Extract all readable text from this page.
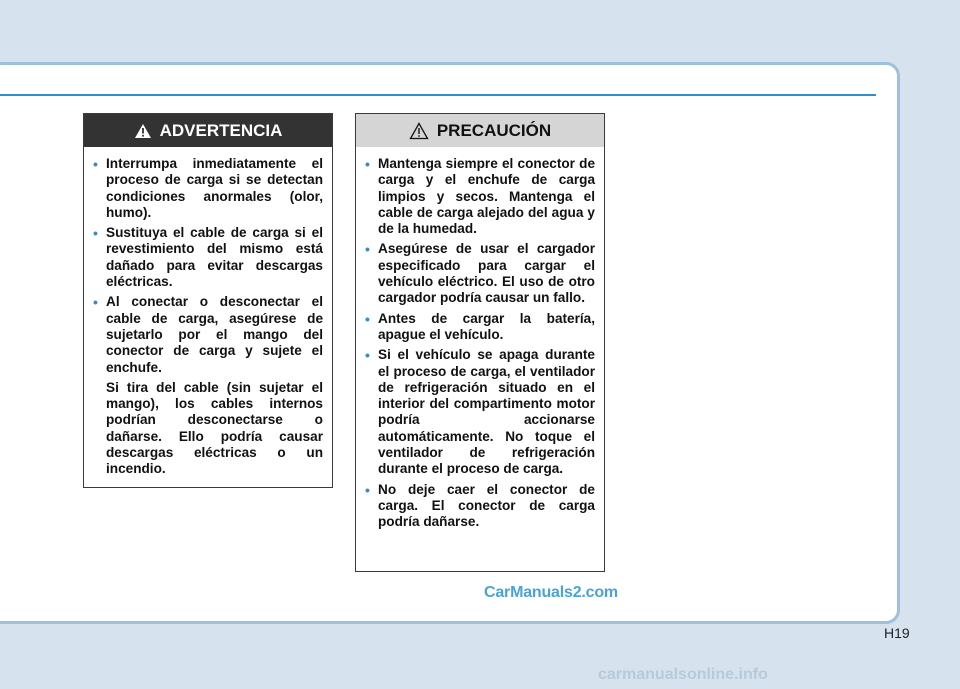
ADVERTENCIA
• Interrumpa inmediatamente el proceso de carga si se detectan condiciones anormales (olor, humo).
• Sustituya el cable de carga si el revestimiento del mismo está dañado para evitar descargas eléctricas.
• Al conectar o desconectar el cable de carga, asegúrese de sujetarlo por el mango del conector de carga y sujete el enchufe.
Si tira del cable (sin sujetar el mango), los cables internos podrían desconectarse o dañarse. Ello podría causar descargas eléctricas o un incendio.
PRECAUCIÓN
• Mantenga siempre el conector de carga y el enchufe de carga limpios y secos. Mantenga el cable de carga alejado del agua y de la humedad.
• Asegúrese de usar el cargador especificado para cargar el vehículo eléctrico. El uso de otro cargador podría causar un fallo.
• Antes de cargar la batería, apague el vehículo.
• Si el vehículo se apaga durante el proceso de carga, el ventilador de refrigeración situado en el interior del compartimento motor podría accionarse automáticamente. No toque el ventilador de refrigeración durante el proceso de carga.
• No deje caer el conector de carga. El conector de carga podría dañarse.
CarManuals2.com
H19
carmanualsonline.info
